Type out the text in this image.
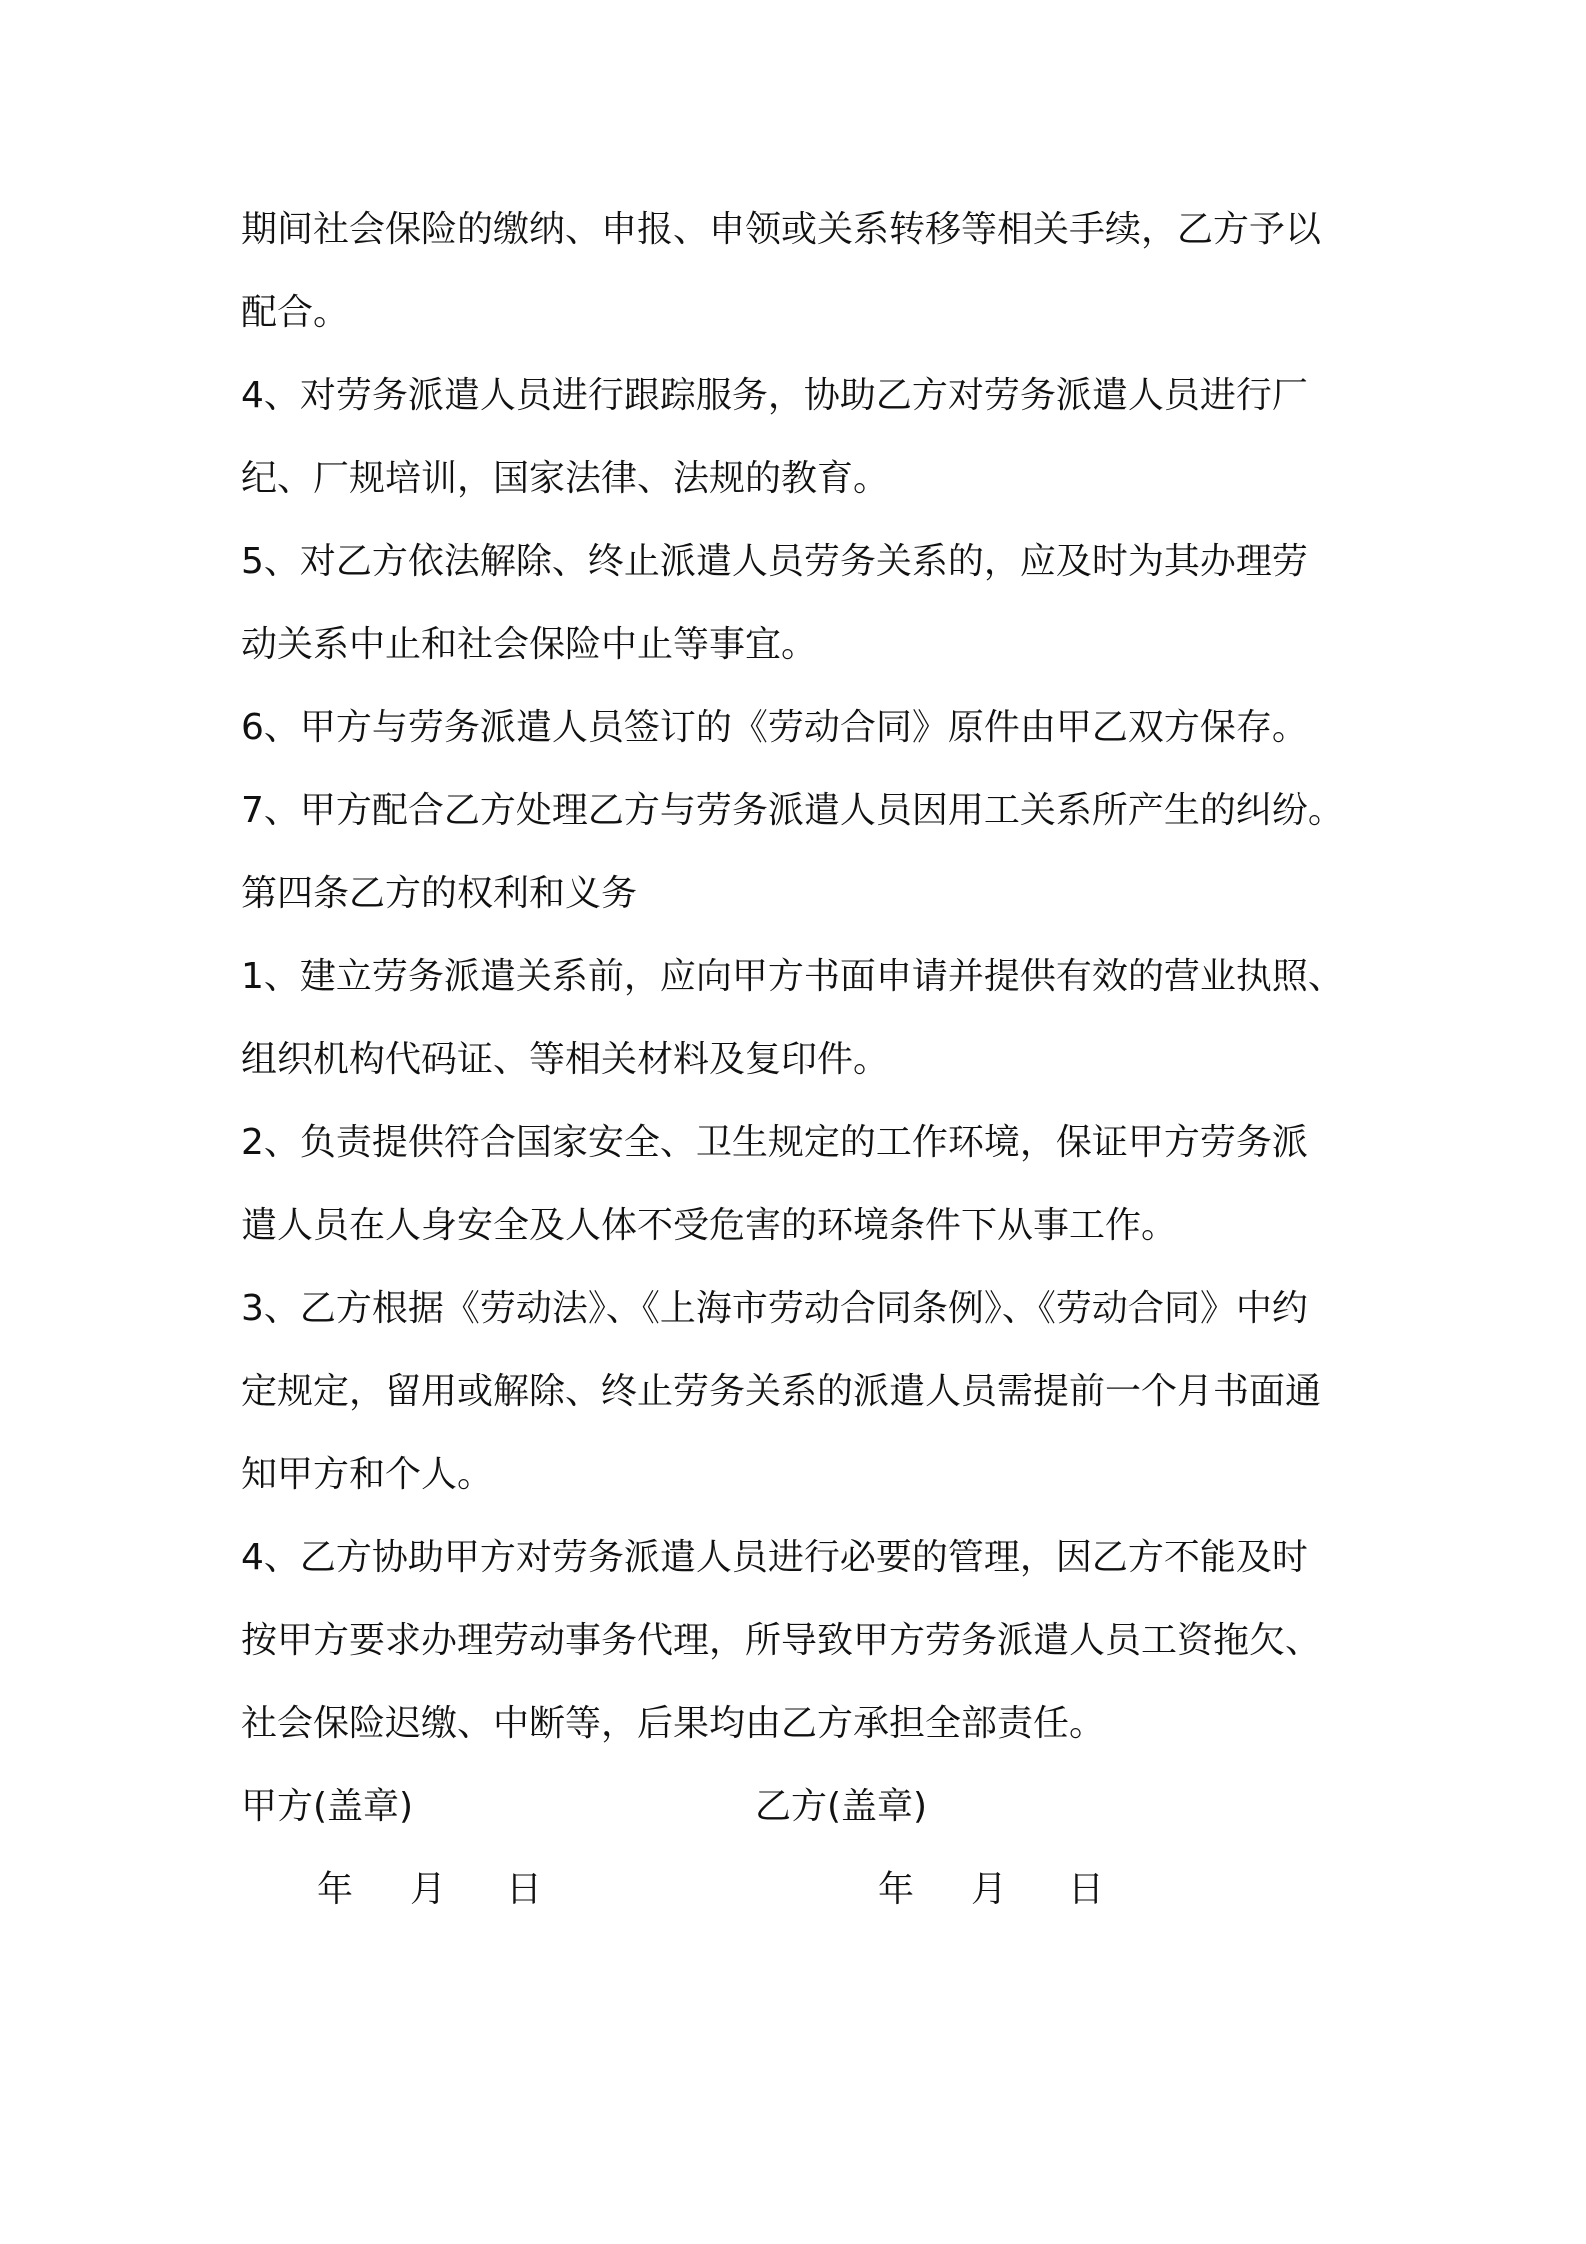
期间社会保险的缴纳、申报、申领或关系转移等相关手续，乙方予以
配合。
4、对劳务派遣人员进行跟踪服务，协助乙方对劳务派遣人员进行厂
纪、厂规培训，国家法律、法规的教育。
5、对乙方依法解除、终止派遣人员劳务关系的，应及时为其办理劳
动关系中止和社会保险中止等事宜。
6、甲方与劳务派遣人员签订的《劳动合同》原件由甲乙双方保存。
7、甲方配合乙方处理乙方与劳务派遣人员因用工关系所产生的纠纷。
第四条乙方的权利和义务
1、建立劳务派遣关系前，应向甲方书面申请并提供有效的营业执照、
组织机构代码证、等相关材料及复印件。
2、负责提供符合国家安全、卫生规定的工作环境，保证甲方劳务派
遣人员在人身安全及人体不受危害的环境条件下从事工作。
3、乙方根据《劳动法》、《上海市劳动合同条例》、《劳动合同》中约
定规定，留用或解除、终止劳务关系的派遣人员需提前一个月书面通
知甲方和个人。
4、乙方协助甲方对劳务派遣人员进行必要的管理，因乙方不能及时
按甲方要求办理劳动事务代理，所导致甲方劳务派遣人员工资拖欠、
社会保险迟缴、中断等，后果均由乙方承担全部责任。
甲方(盖章)	乙方(盖章)
年 月 日	年 月 日
